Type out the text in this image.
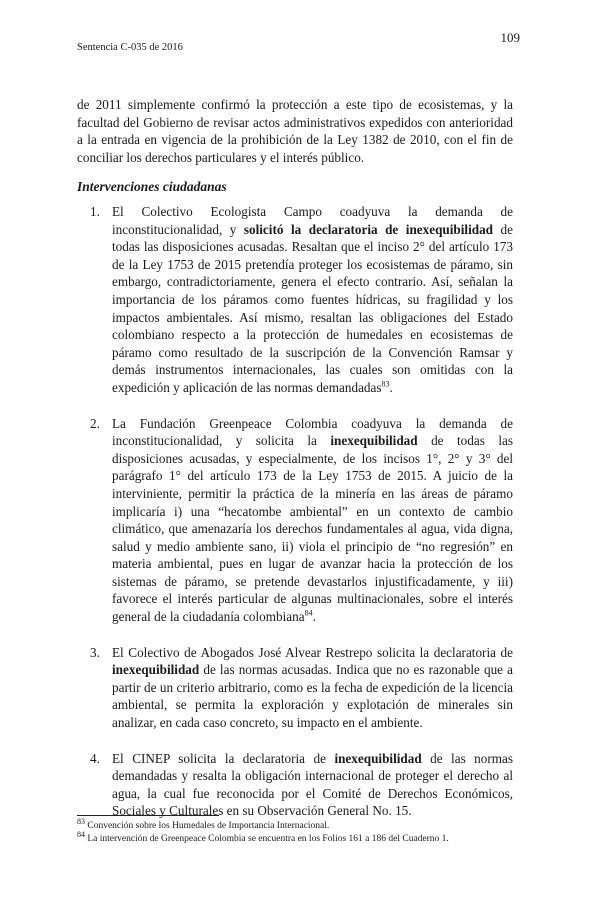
109
Sentencia C-035 de 2016

de 2011 simplemente confirmó la protección a este tipo de ecosistemas, y la facultad del Gobierno de revisar actos administrativos expedidos con anterioridad a la entrada en vigencia de la prohibición de la Ley 1382 de 2010, con el fin de conciliar los derechos particulares y el interés público.

Intervenciones ciudadanas
1. El Colectivo Ecologista Campo coadyuva la demanda de inconstitucionalidad, y solicitó la declaratoria de inexequibilidad de todas las disposiciones acusadas. Resaltan que el inciso 2° del artículo 173 de la Ley 1753 de 2015 pretendía proteger los ecosistemas de páramo, sin embargo, contradictoriamente, genera el efecto contrario. Así, señalan la importancia de los páramos como fuentes hídricas, su fragilidad y los impactos ambientales. Así mismo, resaltan las obligaciones del Estado colombiano respecto a la protección de humedales en ecosistemas de páramo como resultado de la suscripción de la Convención Ramsar y demás instrumentos internacionales, las cuales son omitidas con la expedición y aplicación de las normas demandadas$^{83}$.
2. La Fundación Greenpeace Colombia coadyuva la demanda de inconstitucionalidad, y solicita la inexequibilidad de todas las disposiciones acusadas, y especialmente, de los incisos 1°, 2° y 3° del parágrafo 1° del artículo 173 de la Ley 1753 de 2015. A juicio de la interviniente, permitir la práctica de la minería en las áreas de páramo implicaría i) una “hecatombe ambiental” en un contexto de cambio climático, que amenazaría los derechos fundamentales al agua, vida digna, salud y medio ambiente sano, ii) viola el principio de “no regresión” en materia ambiental, pues en lugar de avanzar hacia la protección de los sistemas de páramo, se pretende devastarlos injustificadamente, y iii) favorece el interés particular de algunas multinacionales, sobre el interés general de la ciudadanía colombiana$^{84}$.
3. El Colectivo de Abogados José Alvear Restrepo solicita la declaratoria de inexequibilidad de las normas acusadas. Indica que no es razonable que a partir de un criterio arbitrario, como es la fecha de expedición de la licencia ambiental, se permita la exploración y explotación de minerales sin analizar, en cada caso concreto, su impacto en el ambiente.
4. El CINEP solicita la declaratoria de inexequibilidad de las normas demandadas y resalta la obligación internacional de proteger el derecho al agua, la cual fue reconocida por el Comité de Derechos Económicos, Sociales y Culturales en su Observación General No. 15.
$^{83}$ Convención sobre los Humedales de Importancia Internacional.
$^{84}$ La intervención de Greenpeace Colombia se encuentra en los Folios 161 a 186 del Cuaderno 1.
